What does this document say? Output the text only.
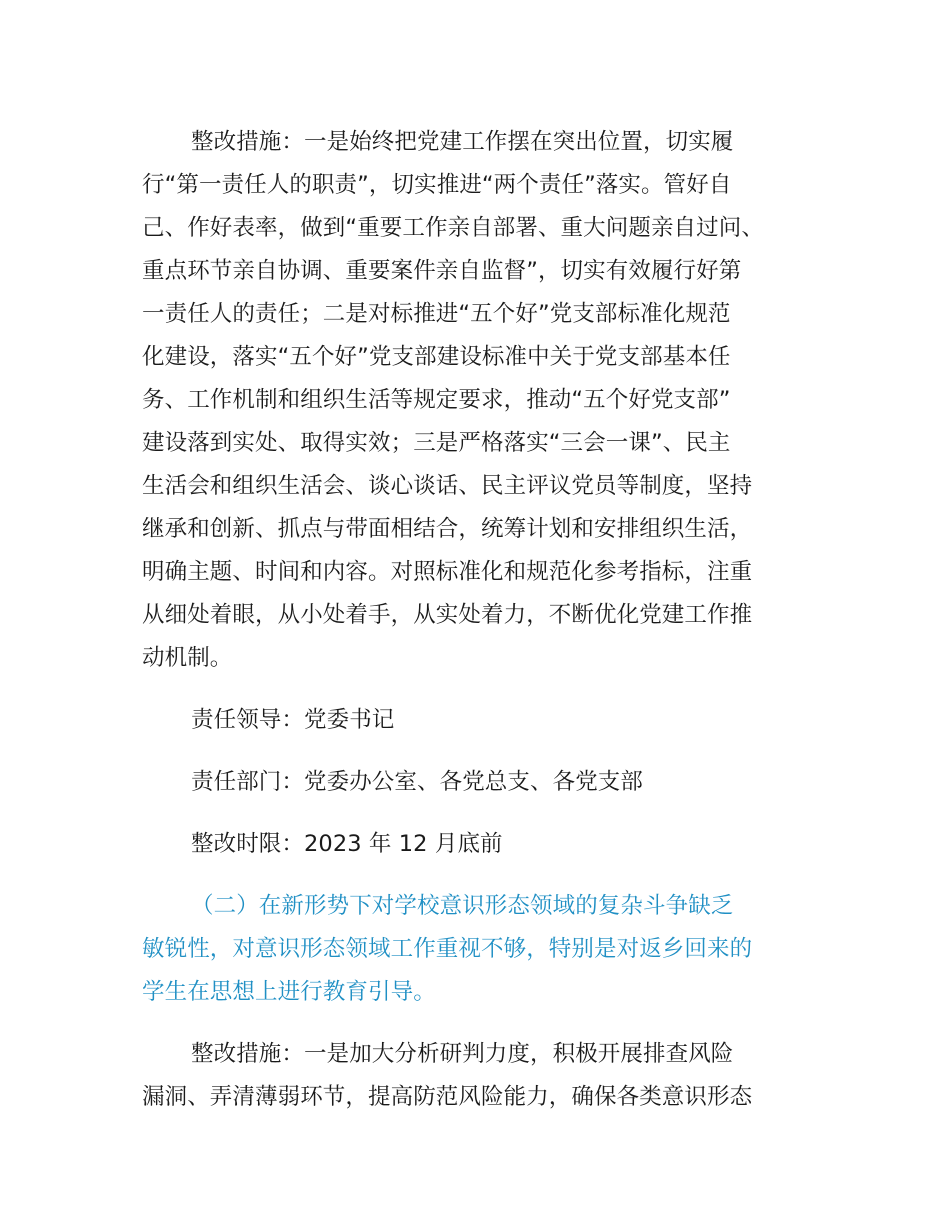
整改措施：一是始终把党建工作摆在突出位置，切实履
行“第一责任人的职责”，切实推进“两个责任”落实。管好自
己、作好表率，做到“重要工作亲自部署、重大问题亲自过问、
重点环节亲自协调、重要案件亲自监督”，切实有效履行好第
一责任人的责任；二是对标推进“五个好”党支部标准化规范
化建设，落实“五个好”党支部建设标准中关于党支部基本任
务、工作机制和组织生活等规定要求，推动“五个好党支部”
建设落到实处、取得实效；三是严格落实“三会一课”、民主
生活会和组织生活会、谈心谈话、民主评议党员等制度，坚持
继承和创新、抓点与带面相结合，统筹计划和安排组织生活，
明确主题、时间和内容。对照标准化和规范化参考指标，注重
从细处着眼，从小处着手，从实处着力，不断优化党建工作推
动机制。
责任领导：党委书记
责任部门：党委办公室、各党总支、各党支部
整改时限：2023 年 12 月底前
（二）在新形势下对学校意识形态领域的复杂斗争缺乏
敏锐性，对意识形态领域工作重视不够，特别是对返乡回来的
学生在思想上进行教育引导。
整改措施：一是加大分析研判力度，积极开展排查风险
漏洞、弄清薄弱环节，提高防范风险能力，确保各类意识形态
